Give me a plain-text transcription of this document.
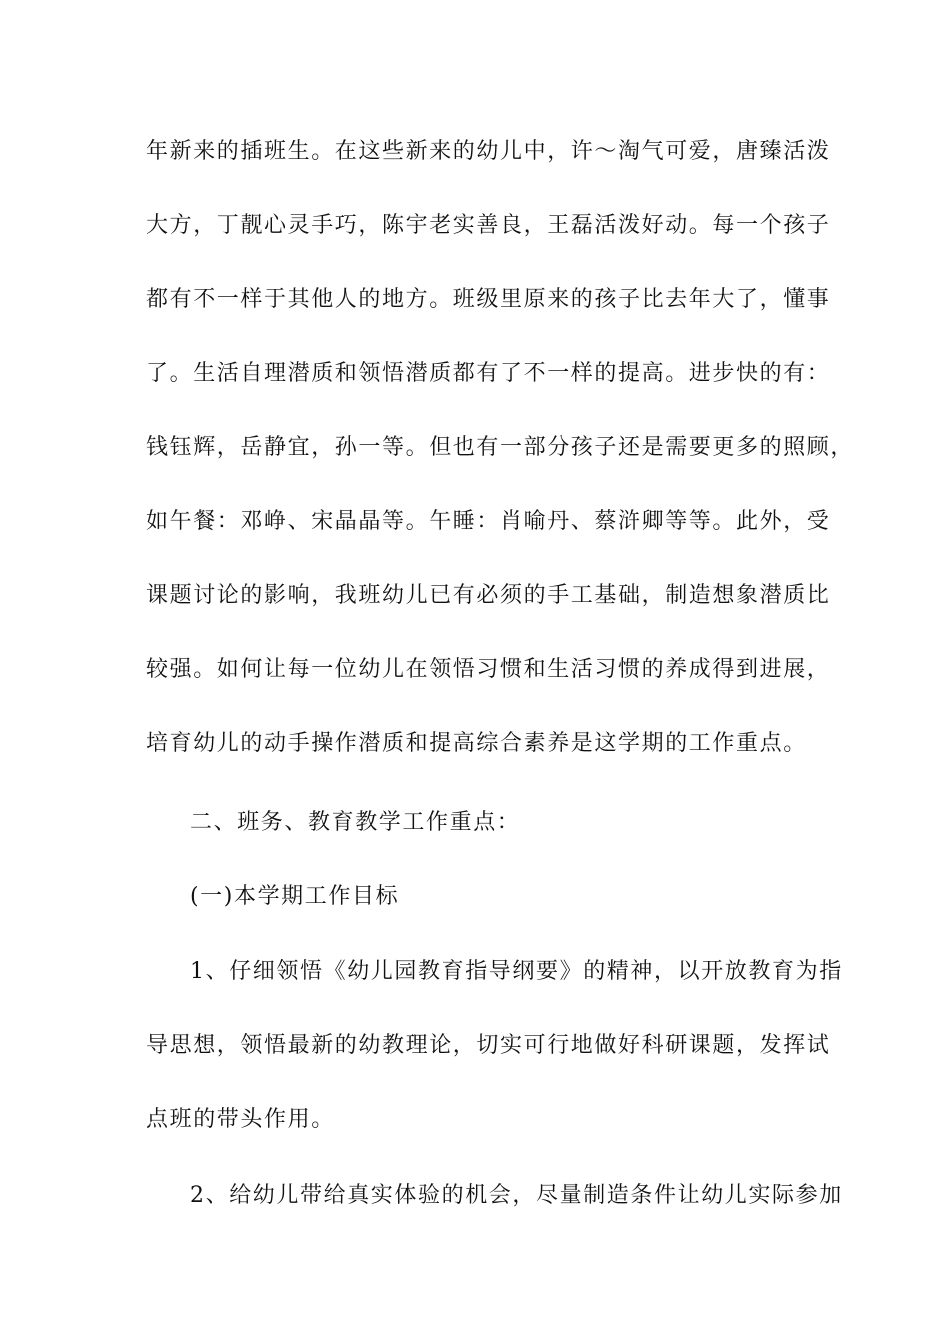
年新来的插班生。在这些新来的幼儿中，许～淘气可爱，唐臻活泼
大方，丁靓心灵手巧，陈宇老实善良，王磊活泼好动。每一个孩子
都有不一样于其他人的地方。班级里原来的孩子比去年大了，懂事
了。生活自理潜质和领悟潜质都有了不一样的提高。进步快的有：
钱钰辉，岳静宜，孙一等。但也有一部分孩子还是需要更多的照顾，
如午餐：邓峥、宋晶晶等。午睡：肖喻丹、蔡浒卿等等。此外，受
课题讨论的影响，我班幼儿已有必须的手工基础，制造想象潜质比
较强。如何让每一位幼儿在领悟习惯和生活习惯的养成得到进展，
培育幼儿的动手操作潜质和提高综合素养是这学期的工作重点。
二、班务、教育教学工作重点：
(一)本学期工作目标
1、仔细领悟《幼儿园教育指导纲要》的精神，以开放教育为指
导思想，领悟最新的幼教理论，切实可行地做好科研课题，发挥试
点班的带头作用。
2、给幼儿带给真实体验的机会，尽量制造条件让幼儿实际参加
